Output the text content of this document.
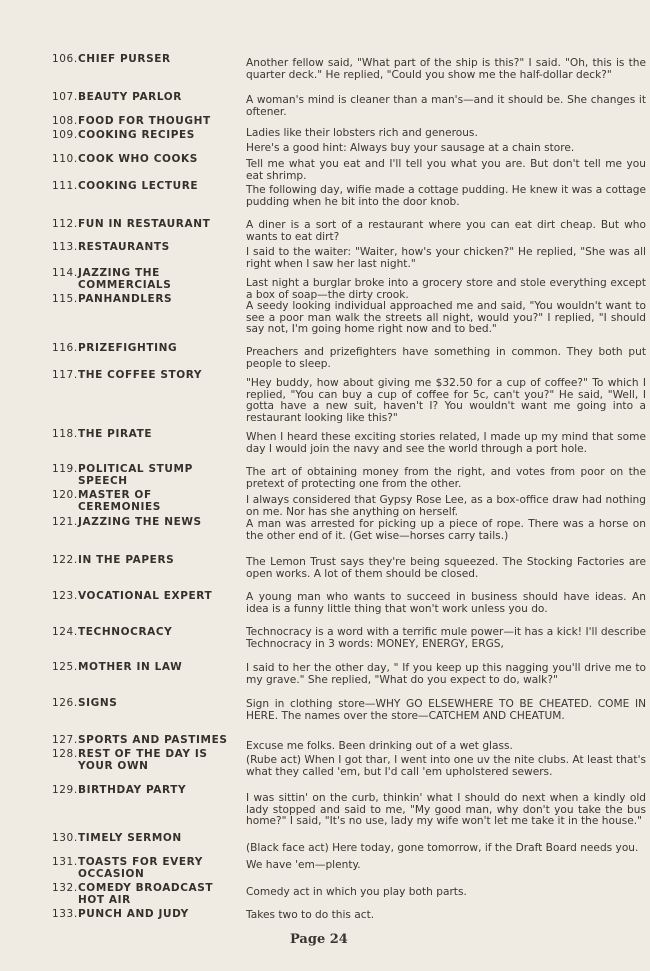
106.CHIEF PURSER
107.BEAUTY PARLOR
108.FOOD FOR THOUGHT
109.COOKING RECIPES
110.COOK WHO COOKS
111.COOKING LECTURE
112.FUN IN RESTAURANT
113.RESTAURANTS
114.JAZZING THE COMMERCIALS
115.PANHANDLERS
116.PRIZEFIGHTING
117.THE COFFEE STORY
118.THE PIRATE
119.POLITICAL STUMP SPEECH
120.MASTER OF CEREMONIES
121.JAZZING THE NEWS
122.IN THE PAPERS
123.VOCATIONAL EXPERT
124.TECHNOCRACY
125.MOTHER IN LAW
126.SIGNS
127.SPORTS AND PASTIMES
128.REST OF THE DAY IS YOUR OWN
129.BIRTHDAY PARTY
130.TIMELY SERMON
131.TOASTS FOR EVERY OCCASION
132.COMEDY BROADCAST HOT AIR
133.PUNCH AND JUDY
Another fellow said, "What part of the ship is this?" I said. "Oh, this is the quarter deck." He replied, "Could you show me the half-dollar deck?"
A woman's mind is cleaner than a man's—and it should be. She changes it oftener.
Ladies like their lobsters rich and generous.
Here's a good hint: Always buy your sausage at a chain store.
Tell me what you eat and I'll tell you what you are. But don't tell me you eat shrimp.
The following day, wifie made a cottage pudding. He knew it was a cottage pudding when he bit into the door knob.
A diner is a sort of a restaurant where you can eat dirt cheap. But who wants to eat dirt?
I said to the waiter: "Waiter, how's your chicken?" He replied, "She was all right when I saw her last night."
Last night a burglar broke into a grocery store and stole everything except a box of soap—the dirty crook.
A seedy looking individual approached me and said, "You wouldn't want to see a poor man walk the streets all night, would you?" I replied, "I should say not, I'm going home right now and to bed."
Preachers and prizefighters have something in common. They both put people to sleep.
"Hey buddy, how about giving me $32.50 for a cup of coffee?" To which I replied, "You can buy a cup of coffee for 5c, can't you?" He said, "Well, I gotta have a new suit, haven't I? You wouldn't want me going into a restaurant looking like this?"
When I heard these exciting stories related, I made up my mind that some day I would join the navy and see the world through a port hole.
The art of obtaining money from the right, and votes from poor on the pretext of protecting one from the other.
I always considered that Gypsy Rose Lee, as a box-office draw had nothing on me. Nor has she anything on herself.
A man was arrested for picking up a piece of rope. There was a horse on the other end of it. (Get wise—horses carry tails.)
The Lemon Trust says they're being squeezed. The Stocking Factories are open works. A lot of them should be closed.
A young man who wants to succeed in business should have ideas. An idea is a funny little thing that won't work unless you do.
Technocracy is a word with a terrific mule power—it has a kick! I'll describe Technocracy in 3 words: MONEY, ENERGY, ERGS,
I said to her the other day, " If you keep up this nagging you'll drive me to my grave." She replied, "What do you expect to do, walk?"
Sign in clothing store—WHY GO ELSEWHERE TO BE CHEATED. COME IN HERE. The names over the store—CATCHEM AND CHEATUM.
Excuse me folks. Been drinking out of a wet glass.
(Rube act) When I got thar, I went into one uv the nite clubs. At least that's what they called 'em, but I'd call 'em upholstered sewers.
I was sittin' on the curb, thinkin' what I should do next when a kindly old lady stopped and said to me, "My good man, why don't you take the bus home?" I said, "It's no use, lady my wife won't let me take it in the house."
(Black face act) Here today, gone tomorrow, if the Draft Board needs you.
We have 'em—plenty.
Comedy act in which you play both parts.
Takes two to do this act.
Page 24
